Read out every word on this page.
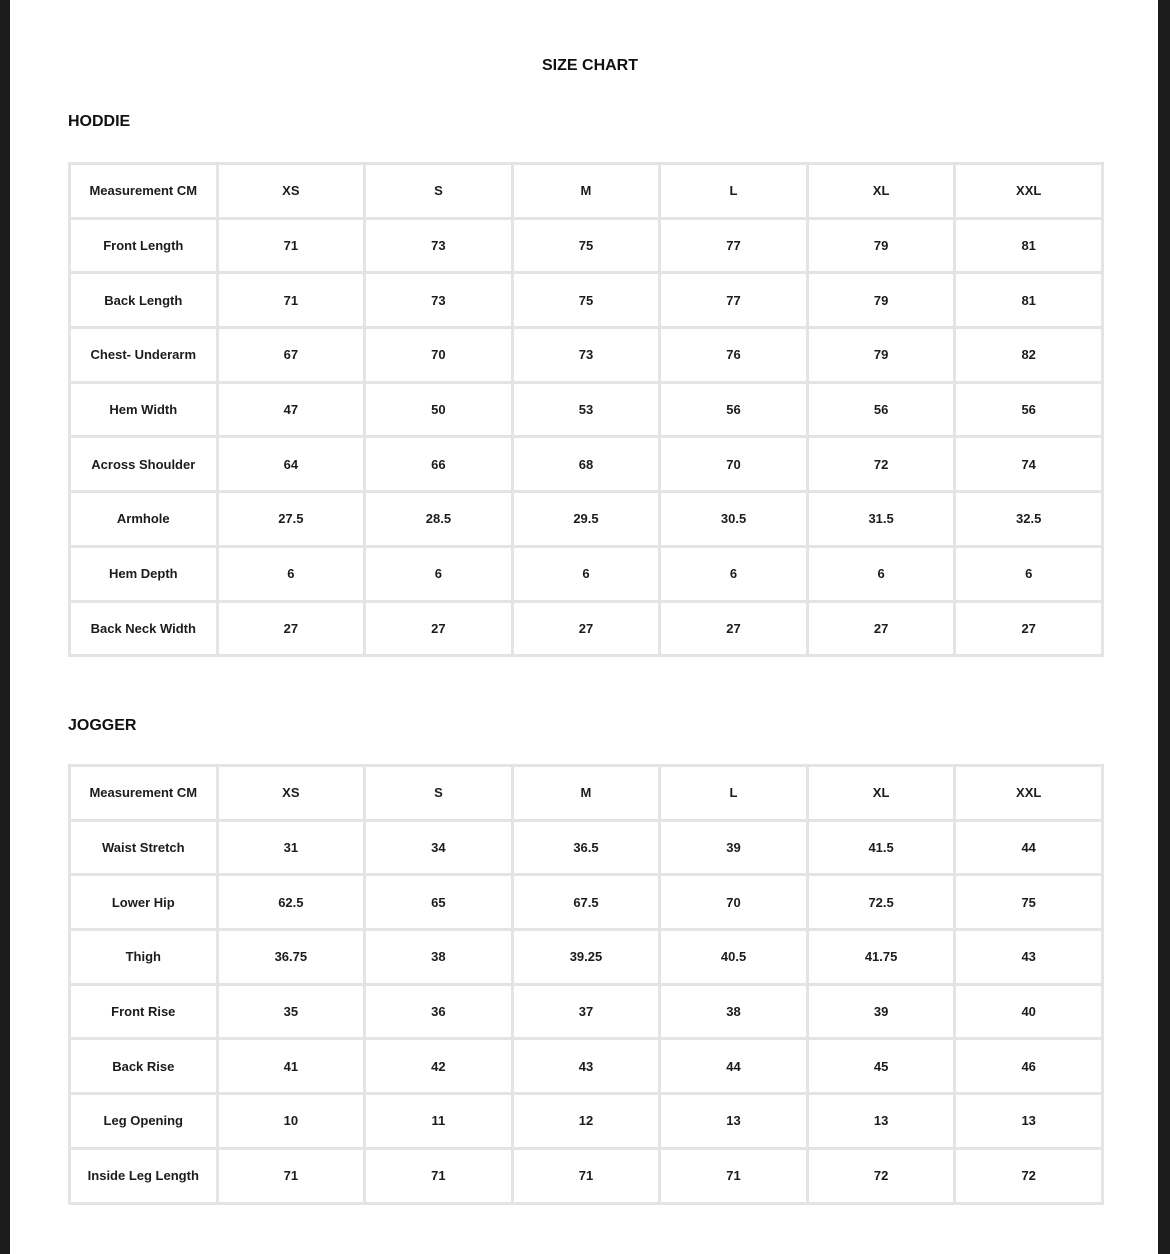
SIZE CHART
HODDIE
Measurement CM	XS	S	M	L	XL	XXL
Front Length	71	73	75	77	79	81
Back Length	71	73	75	77	79	81
Chest- Underarm	67	70	73	76	79	82
Hem Width	47	50	53	56	56	56
Across Shoulder	64	66	68	70	72	74
Armhole	27.5	28.5	29.5	30.5	31.5	32.5
Hem Depth	6	6	6	6	6	6
Back Neck Width	27	27	27	27	27	27
JOGGER
Measurement CM	XS	S	M	L	XL	XXL
Waist Stretch	31	34	36.5	39	41.5	44
Lower Hip	62.5	65	67.5	70	72.5	75
Thigh	36.75	38	39.25	40.5	41.75	43
Front Rise	35	36	37	38	39	40
Back Rise	41	42	43	44	45	46
Leg Opening	10	11	12	13	13	13
Inside Leg Length	71	71	71	71	72	72
